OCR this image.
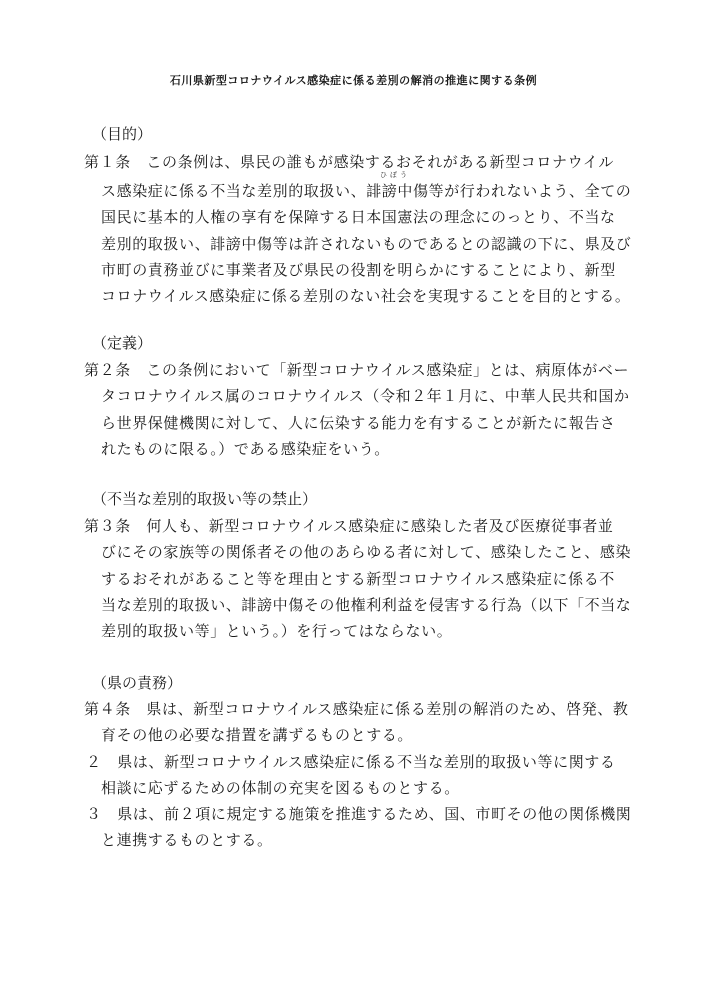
石川県新型コロナウイルス感染症に係る差別の解消の推進に関する条例
（目的）
第１条　この条例は、県民の誰もが感染するおそれがある新型コロナウイル
ひぼう
ス感染症に係る不当な差別的取扱い、誹謗中傷等が行われないよう、全ての
国民に基本的人権の享有を保障する日本国憲法の理念にのっとり、不当な
差別的取扱い、誹謗中傷等は許されないものであるとの認識の下に、県及び
市町の責務並びに事業者及び県民の役割を明らかにすることにより、新型
コロナウイルス感染症に係る差別のない社会を実現することを目的とする。
（定義）
第２条　この条例において「新型コロナウイルス感染症」とは、病原体がベー
タコロナウイルス属のコロナウイルス（令和２年１月に、中華人民共和国か
ら世界保健機関に対して、人に伝染する能力を有することが新たに報告さ
れたものに限る。）である感染症をいう。
（不当な差別的取扱い等の禁止）
第３条　何人も、新型コロナウイルス感染症に感染した者及び医療従事者並
びにその家族等の関係者その他のあらゆる者に対して、感染したこと、感染
するおそれがあること等を理由とする新型コロナウイルス感染症に係る不
当な差別的取扱い、誹謗中傷その他権利利益を侵害する行為（以下「不当な
差別的取扱い等」という。）を行ってはならない。
（県の責務）
第４条　県は、新型コロナウイルス感染症に係る差別の解消のため、啓発、教
育その他の必要な措置を講ずるものとする。
２　県は、新型コロナウイルス感染症に係る不当な差別的取扱い等に関する
相談に応ずるための体制の充実を図るものとする。
３　県は、前２項に規定する施策を推進するため、国、市町その他の関係機関
と連携するものとする。
